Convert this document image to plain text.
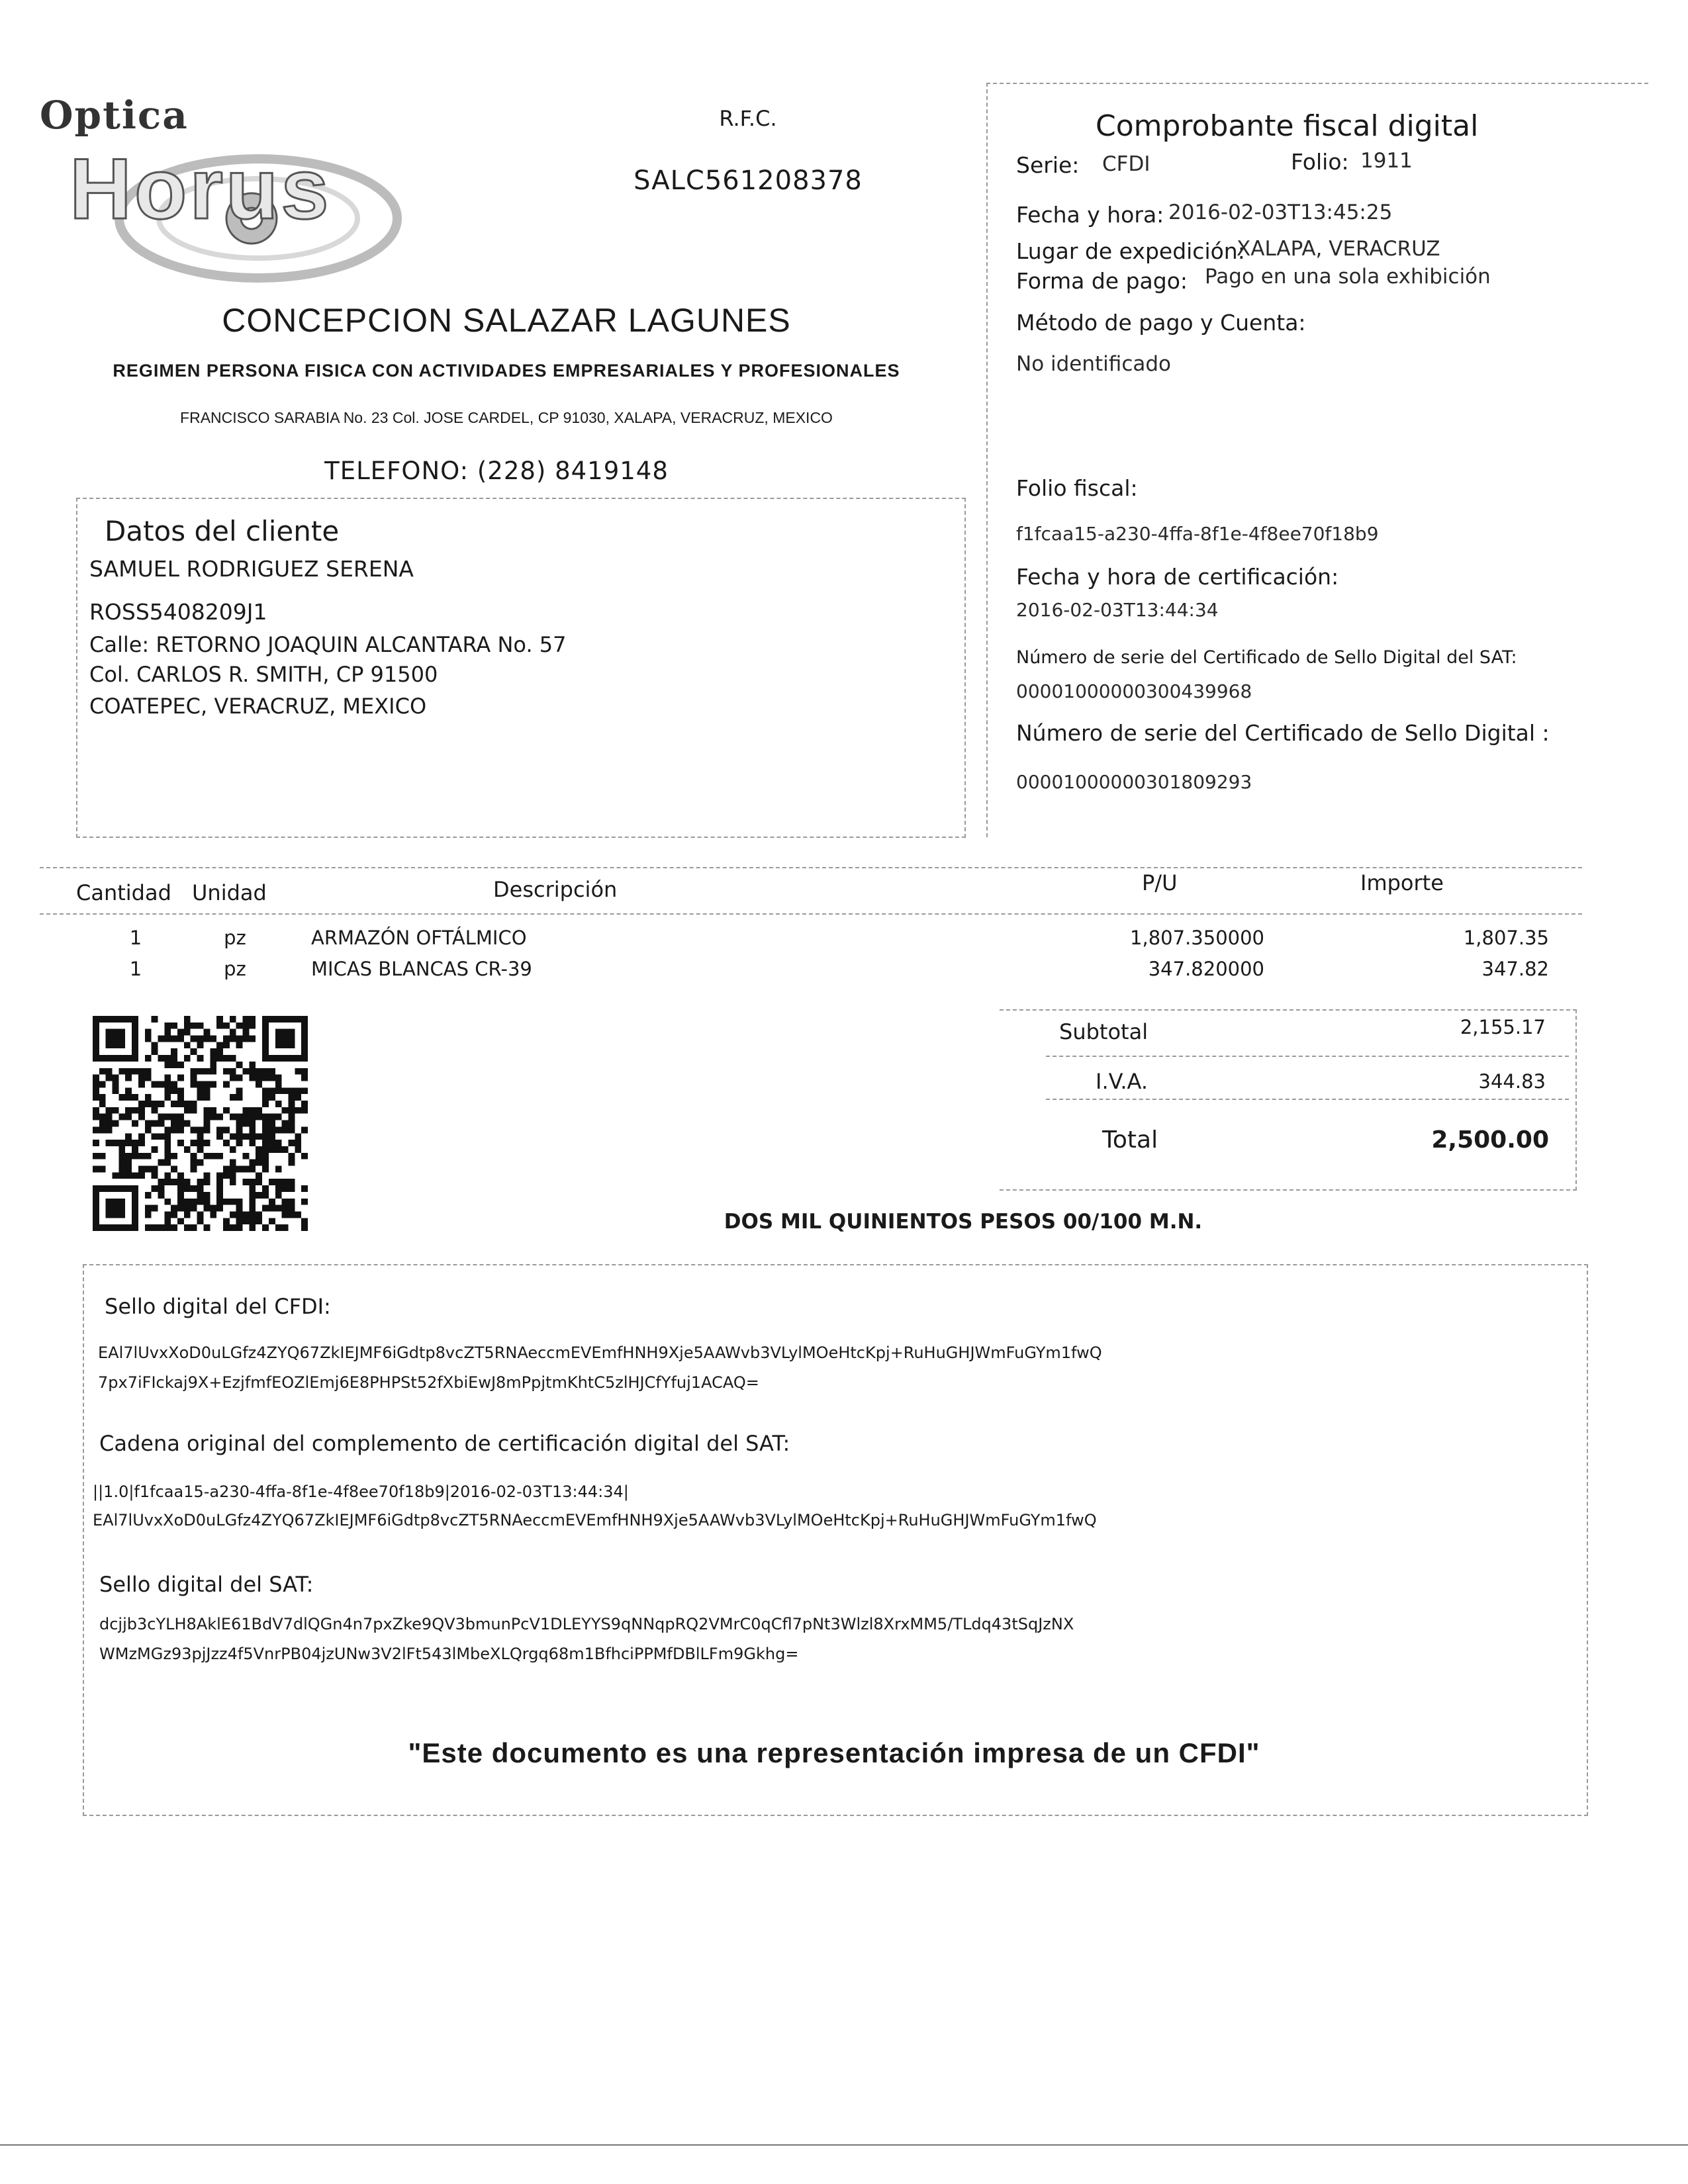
Optica
Horus
R.F.C.
SALC561208378
CONCEPCION SALAZAR LAGUNES
REGIMEN PERSONA FISICA CON ACTIVIDADES EMPRESARIALES Y PROFESIONALES
FRANCISCO SARABIA No. 23 Col. JOSE CARDEL, CP 91030, XALAPA, VERACRUZ, MEXICO
TELEFONO: (228) 8419148
Comprobante fiscal digital
Serie: CFDI	Folio: 1911
Fecha y hora: 2016-02-03T13:45:25
Lugar de expedición:
XALAPA, VERACRUZ
Forma de pago: Pago en una sola exhibición
Método de pago y Cuenta:
No identificado
Folio fiscal:
f1fcaa15-a230-4ffa-8f1e-4f8ee70f18b9
Fecha y hora de certificación:
2016-02-03T13:44:34
Número de serie del Certificado de Sello Digital del SAT:
00001000000300439968
Número de serie del Certificado de Sello Digital :
00001000000301809293
Datos del cliente
SAMUEL RODRIGUEZ SERENA
ROSS5408209J1
Calle: RETORNO JOAQUIN ALCANTARA No. 57
Col. CARLOS R. SMITH, CP 91500
COATEPEC, VERACRUZ, MEXICO
Cantidad Unidad	Descripción	P/U	Importe
1	pz	ARMAZÓN OFTÁLMICO	1,807.350000	1,807.35
1	pz	MICAS BLANCAS CR-39	347.820000	347.82
Subtotal	2,155.17
I.V.A.	344.83
Total	2,500.00
DOS MIL QUINIENTOS PESOS 00/100 M.N.
Sello digital del CFDI:
EAl7lUvxXoD0uLGfz4ZYQ67ZkIEJMF6iGdtp8vcZT5RNAeccmEVEmfHNH9Xje5AAWvb3VLylMOeHtcKpj+RuHuGHJWmFuGYm1fwQ
7px7iFIckaj9X+EzjfmfEOZlEmj6E8PHPSt52fXbiEwJ8mPpjtmKhtC5zlHJCfYfuj1ACAQ=
Cadena original del complemento de certificación digital del SAT:
||1.0|f1fcaa15-a230-4ffa-8f1e-4f8ee70f18b9|2016-02-03T13:44:34|
EAl7lUvxXoD0uLGfz4ZYQ67ZkIEJMF6iGdtp8vcZT5RNAeccmEVEmfHNH9Xje5AAWvb3VLylMOeHtcKpj+RuHuGHJWmFuGYm1fwQ
Sello digital del SAT:
dcjjb3cYLH8AklE61BdV7dlQGn4n7pxZke9QV3bmunPcV1DLEYYS9qNNqpRQ2VMrC0qCfl7pNt3Wlzl8XrxMM5/TLdq43tSqJzNX
WMzMGz93pjJzz4f5VnrPB04jzUNw3V2lFt543lMbeXLQrgq68m1BfhciPPMfDBlLFm9Gkhg=
"Este documento es una representación impresa de un CFDI"
